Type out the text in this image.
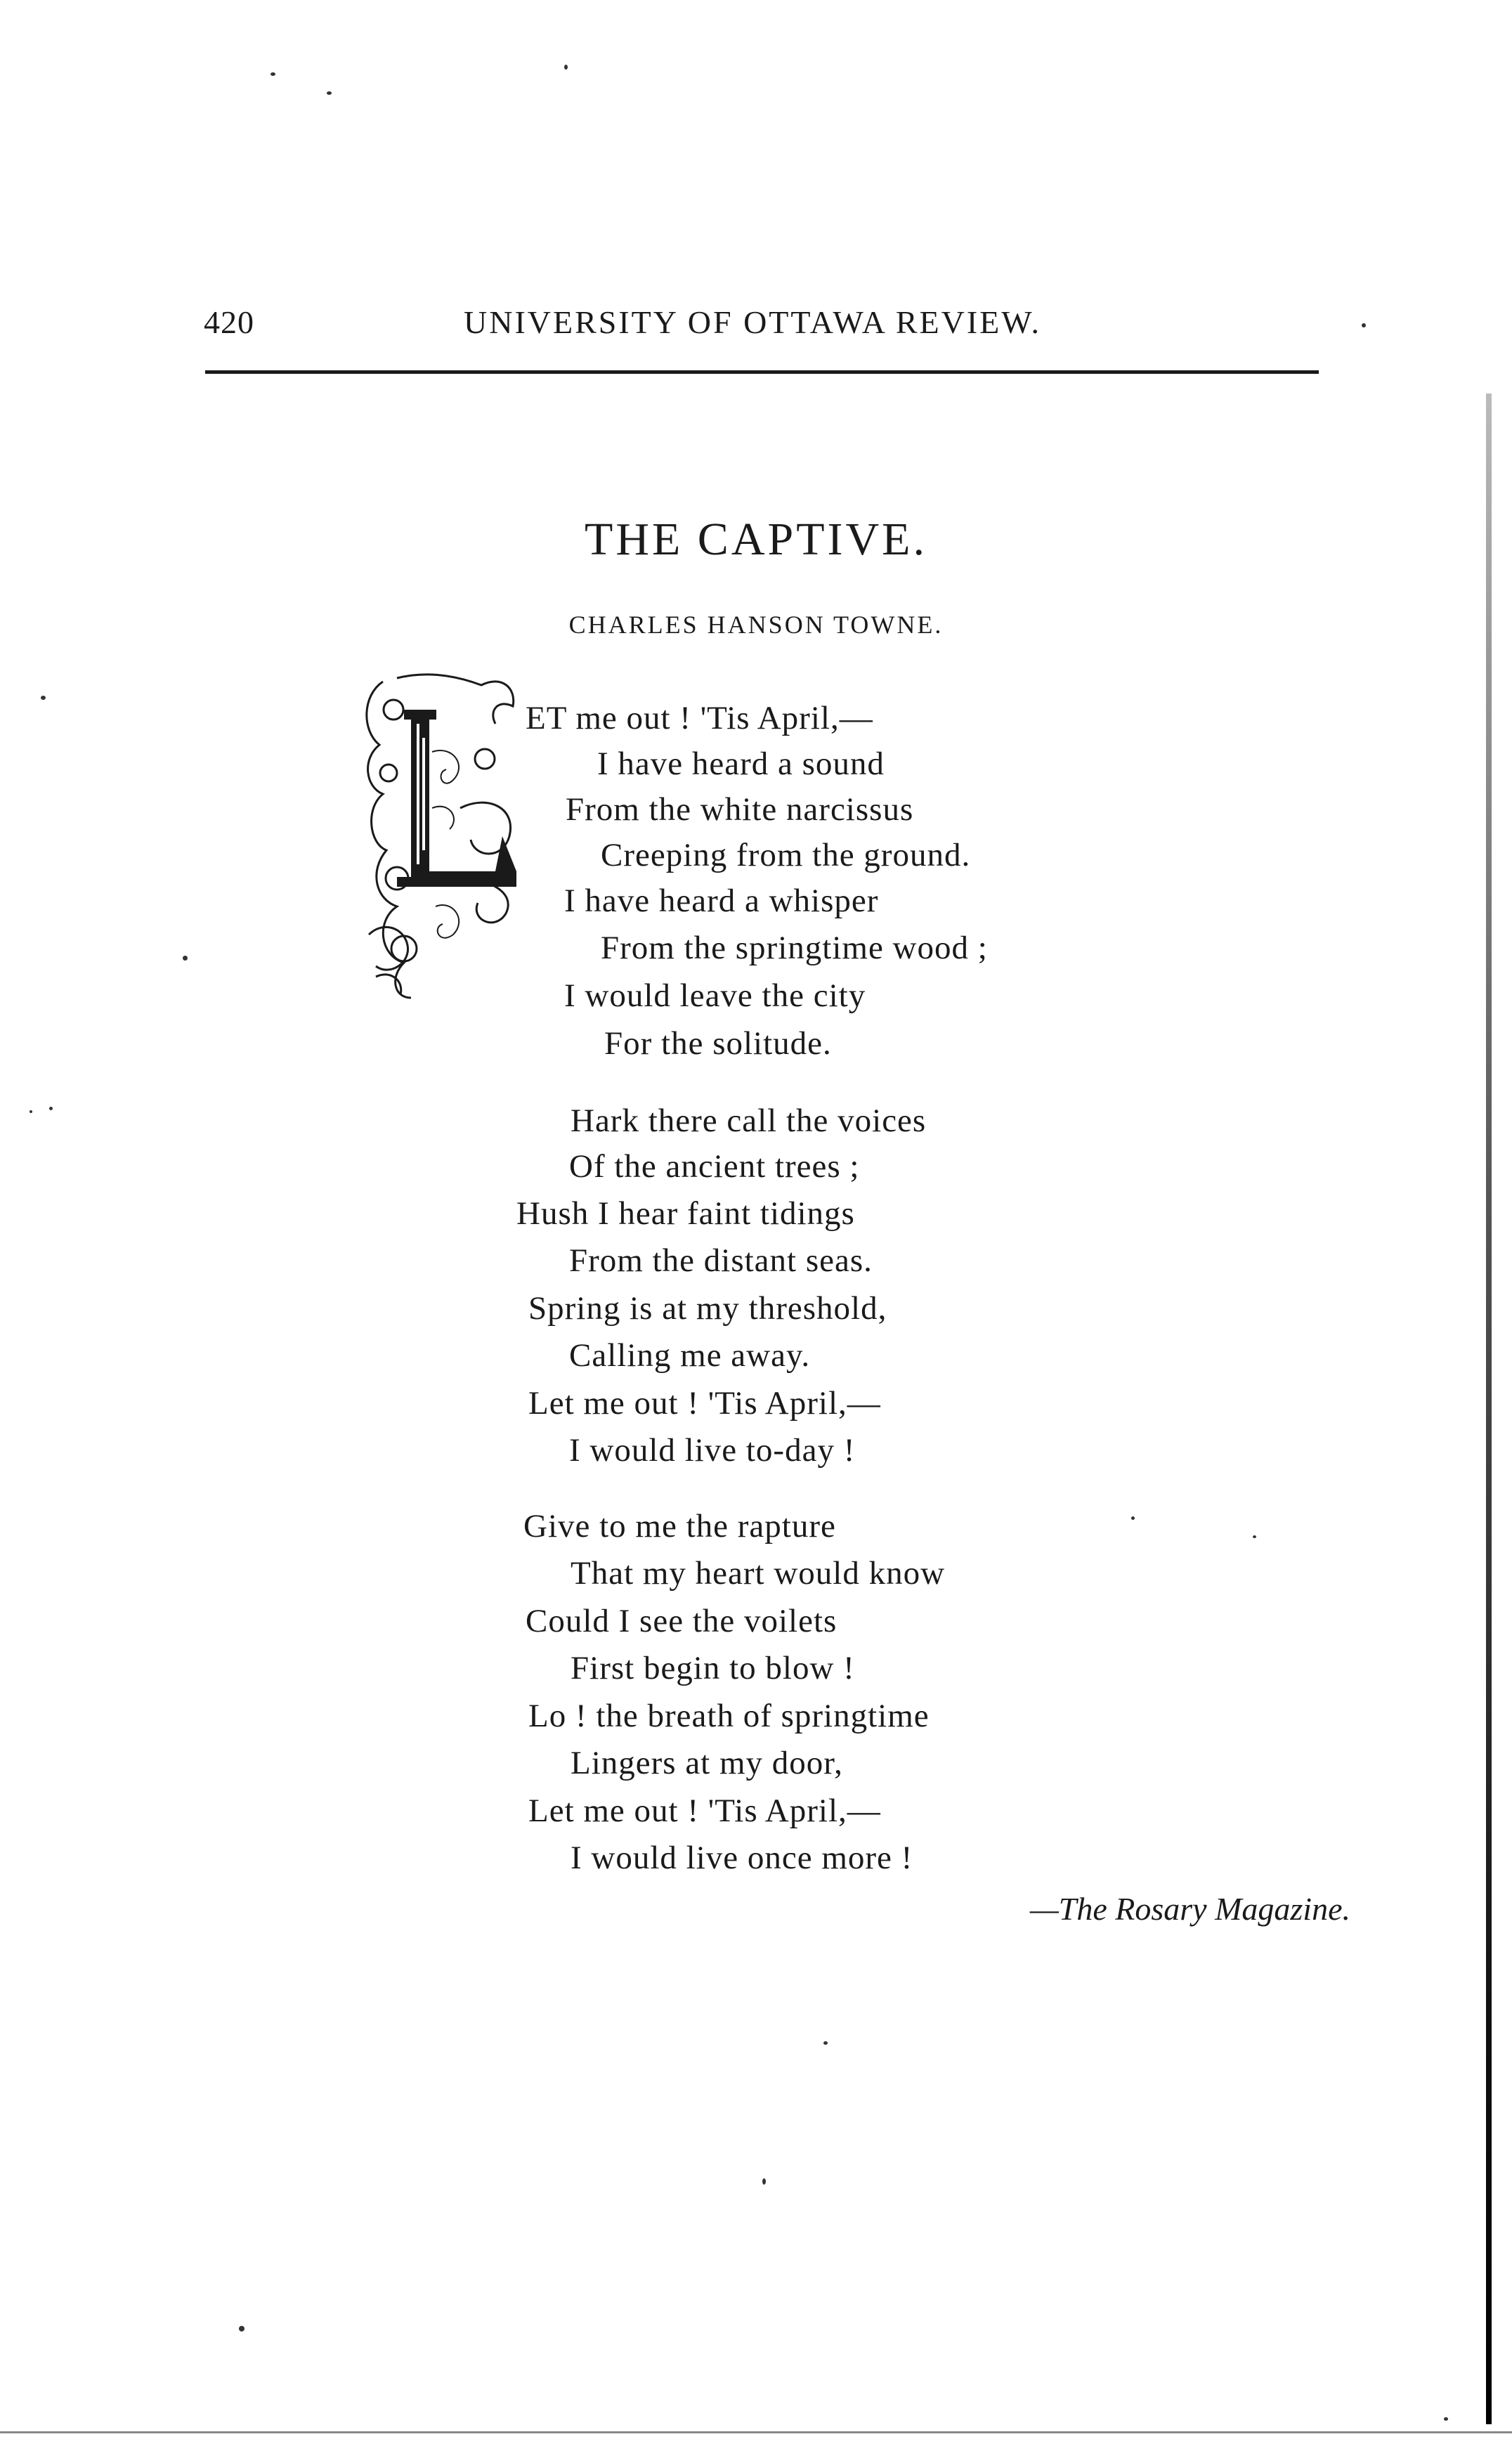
420	UNIVERSITY OF OTTAWA REVIEW.
THE CAPTIVE.
CHARLES HANSON TOWNE.
ET me out ! 'Tis April,—
I have heard a sound
From the white narcissus
Creeping from the ground.
I have heard a whisper
From the springtime wood ;
I would leave the city
For the solitude.
Hark there call the voices
Of the ancient trees ;
Hush I hear faint tidings
From the distant seas.
Spring is at my threshold,
Calling me away.
Let me out ! 'Tis April,—
I would live to-day !
Give to me the rapture
That my heart would know
Could I see the voilets
First begin to blow !
Lo ! the breath of springtime
Lingers at my door,
Let me out ! 'Tis April,—
I would live once more !
—The Rosary Magazine.
